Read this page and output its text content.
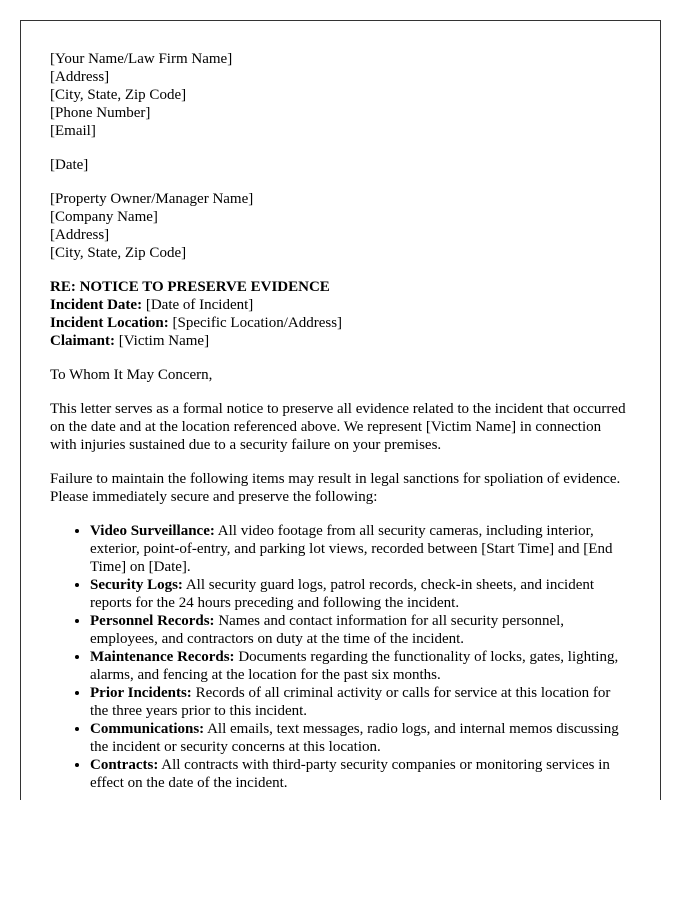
[Your Name/Law Firm Name]
[Address]
[City, State, Zip Code]
[Phone Number]
[Email]
[Date]
[Property Owner/Manager Name]
[Company Name]
[Address]
[City, State, Zip Code]
RE: NOTICE TO PRESERVE EVIDENCE
Incident Date: [Date of Incident]
Incident Location: [Specific Location/Address]
Claimant: [Victim Name]

To Whom It May Concern,

This letter serves as a formal notice to preserve all evidence related to the incident that occurred on the date and at the location referenced above. We represent [Victim Name] in connection with injuries sustained due to a security failure on your premises.

Failure to maintain the following items may result in legal sanctions for spoliation of evidence. Please immediately secure and preserve the following:

• Video Surveillance: All video footage from all security cameras, including interior, exterior, point-of-entry, and parking lot views, recorded between [Start Time] and [End Time] on [Date].
• Security Logs: All security guard logs, patrol records, check-in sheets, and incident reports for the 24 hours preceding and following the incident.
• Personnel Records: Names and contact information for all security personnel, employees, and contractors on duty at the time of the incident.
• Maintenance Records: Documents regarding the functionality of locks, gates, lighting, alarms, and fencing at the location for the past six months.
• Prior Incidents: Records of all criminal activity or calls for service at this location for the three years prior to this incident.
• Communications: All emails, text messages, radio logs, and internal memos discussing the incident or security concerns at this location.
• Contracts: All contracts with third-party security companies or monitoring services in effect on the date of the incident.
